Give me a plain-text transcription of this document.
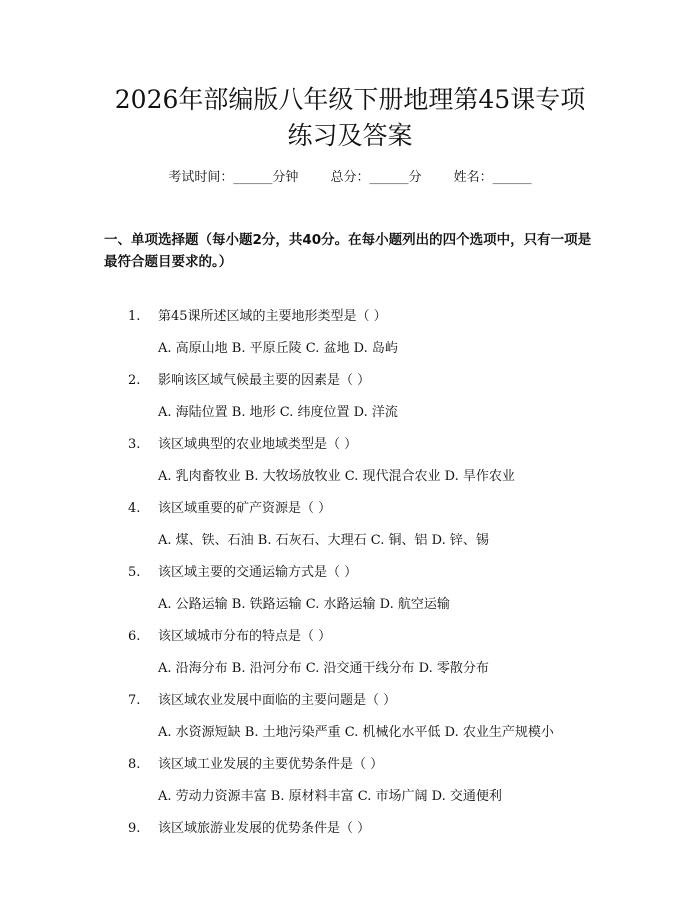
2026年部编版八年级下册地理第45课专项
练习及答案
考试时间：______分钟 总分：______分 姓名：______
一、单项选择题（每小题2分，共40分。在每小题列出的四个选项中，只有一项是最符合题目要求的。）
1. 第45课所述区域的主要地形类型是（ ）
A. 高原山地 B. 平原丘陵 C. 盆地 D. 岛屿
2. 影响该区域气候最主要的因素是（ ）
A. 海陆位置 B. 地形 C. 纬度位置 D. 洋流
3. 该区域典型的农业地域类型是（ ）
A. 乳肉畜牧业 B. 大牧场放牧业 C. 现代混合农业 D. 旱作农业
4. 该区域重要的矿产资源是（ ）
A. 煤、铁、石油 B. 石灰石、大理石 C. 铜、铝 D. 锌、锡
5. 该区域主要的交通运输方式是（ ）
A. 公路运输 B. 铁路运输 C. 水路运输 D. 航空运输
6. 该区域城市分布的特点是（ ）
A. 沿海分布 B. 沿河分布 C. 沿交通干线分布 D. 零散分布
7. 该区域农业发展中面临的主要问题是（ ）
A. 水资源短缺 B. 土地污染严重 C. 机械化水平低 D. 农业生产规模小
8. 该区域工业发展的主要优势条件是（ ）
A. 劳动力资源丰富 B. 原材料丰富 C. 市场广阔 D. 交通便利
9. 该区域旅游业发展的优势条件是（ ）
